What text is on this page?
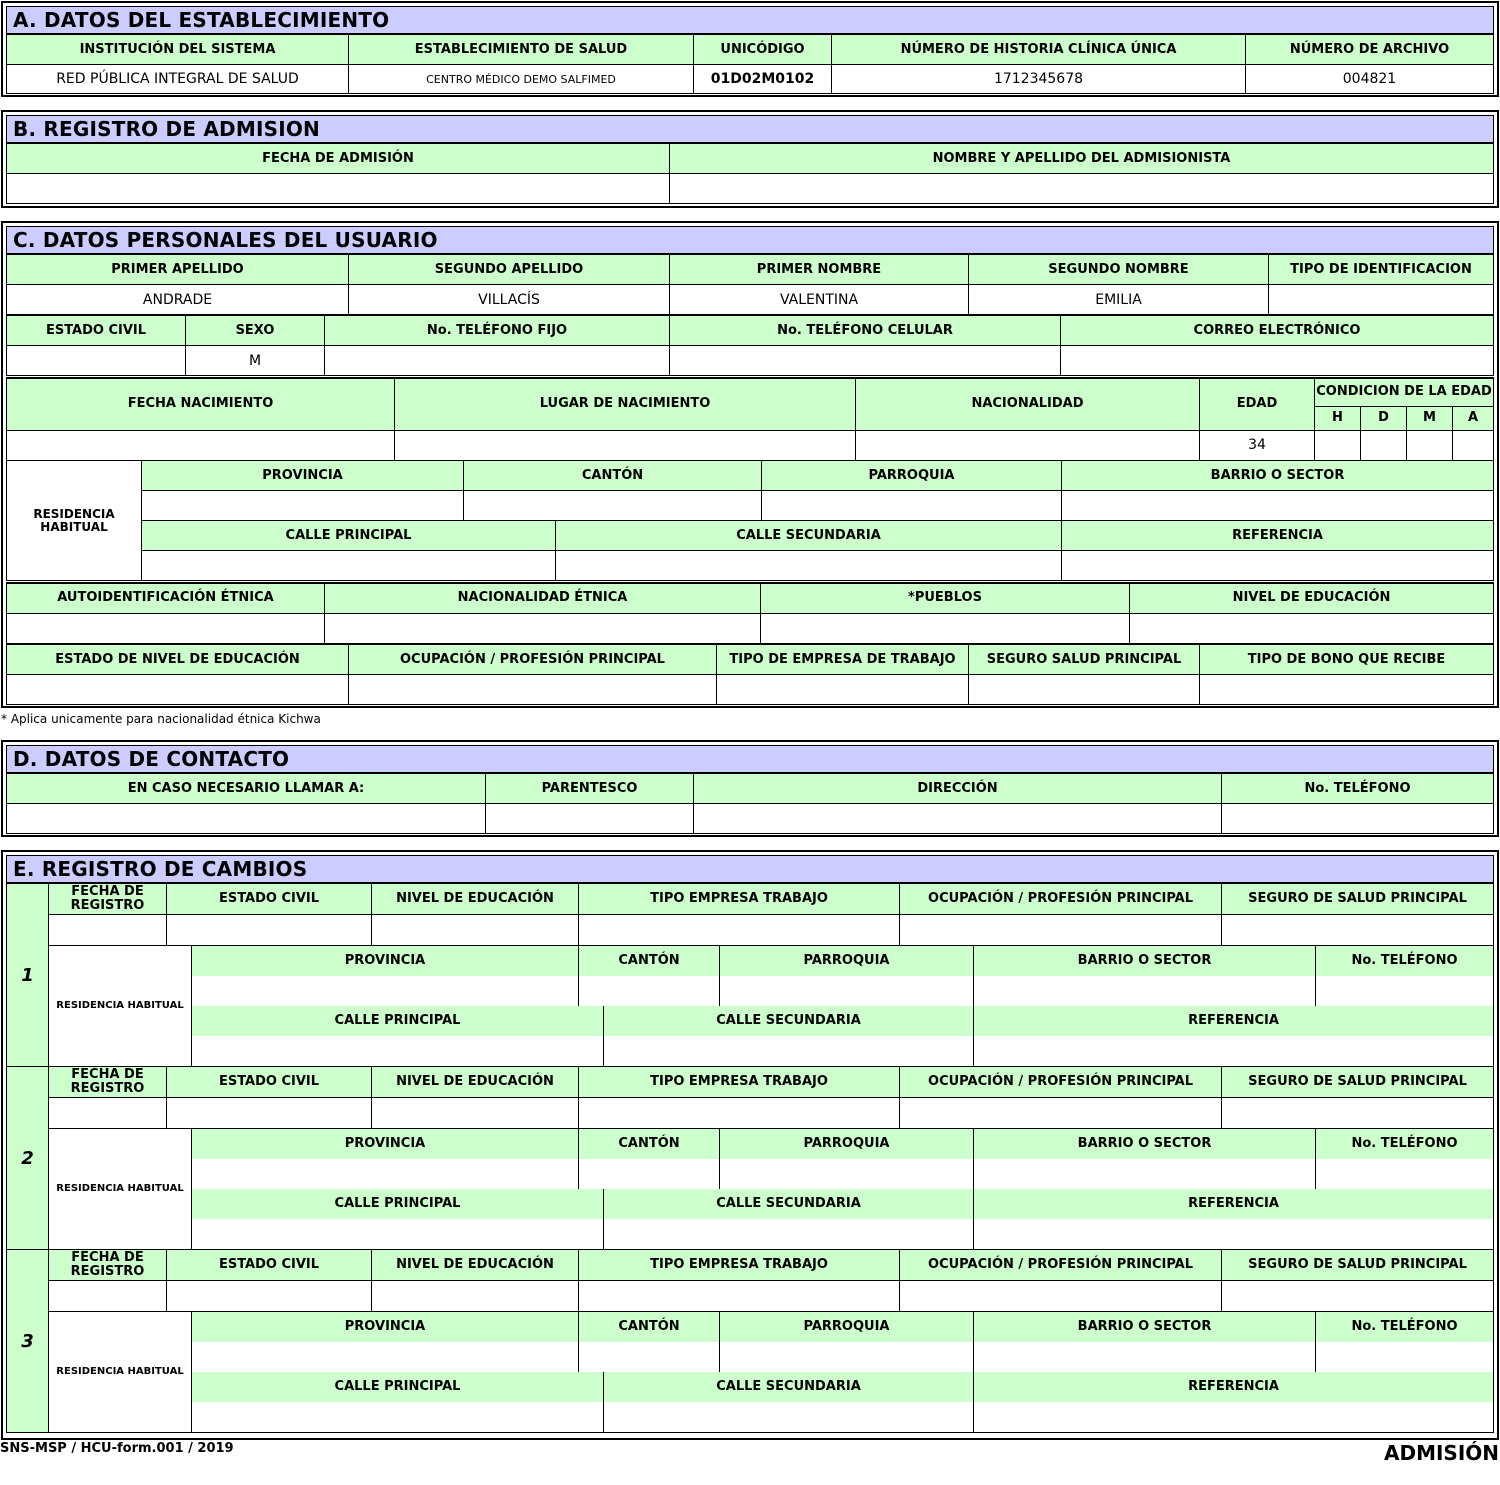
A. DATOS DEL ESTABLECIMIENTO
INSTITUCIÓN DEL SISTEMA	ESTABLECIMIENTO DE SALUD	UNICÓDIGO	NÚMERO DE HISTORIA CLÍNICA ÚNICA	NÚMERO DE ARCHIVO
RED PÚBLICA INTEGRAL DE SALUD	CENTRO MÉDICO DEMO SALFIMED	01D02M0102	1712345678	004821
B. REGISTRO DE ADMISION
FECHA DE ADMISIÓN	NOMBRE Y APELLIDO DEL ADMISIONISTA

C. DATOS PERSONALES DEL USUARIO
PRIMER APELLIDO	SEGUNDO APELLIDO	PRIMER NOMBRE	SEGUNDO NOMBRE	TIPO DE IDENTIFICACION
ANDRADE	VILLACÍS	VALENTINA	EMILIA	
ESTADO CIVIL	SEXO	No. TELÉFONO FIJO	No. TELÉFONO CELULAR	CORREO ELECTRÓNICO
	M			
FECHA NACIMIENTO	LUGAR DE NACIMIENTO	NACIONALIDAD	EDAD	CONDICION DE LA EDAD			
				H	D	M	A
			34				
RESIDENCIA HABITUAL	PROVINCIA	CANTÓN		PARROQUIA	BARRIO O SECTOR

	CALLE PRINCIPAL		CALLE SECUNDARIA		REFERENCIA

AUTOIDENTIFICACIÓN ÉTNICA	NACIONALIDAD ÉTNICA	*PUEBLOS	NIVEL DE EDUCACIÓN

ESTADO DE NIVEL DE EDUCACIÓN	OCUPACIÓN / PROFESIÓN PRINCIPAL	TIPO DE EMPRESA DE TRABAJO	SEGURO SALUD PRINCIPAL	TIPO DE BONO QUE RECIBE

* Aplica unicamente para nacionalidad étnica Kichwa
D. DATOS DE CONTACTO
EN CASO NECESARIO LLAMAR A:	PARENTESCO	DIRECCIÓN	No. TELÉFONO

E. REGISTRO DE CAMBIOS
1	FECHA DE REGISTRO	ESTADO CIVIL		NIVEL DE EDUCACIÓN	TIPO EMPRESA TRABAJO			OCUPACIÓN / PROFESIÓN PRINCIPAL		SEGURO DE SALUD PRINCIPAL	

	RESIDENCIA HABITUAL		PROVINCIA		CANTÓN		PARROQUIA		BARRIO O SECTOR		No. TELÉFONO

			CALLE PRINCIPAL			CALLE SECUNDARIA			REFERENCIA		

2	FECHA DE REGISTRO	ESTADO CIVIL		NIVEL DE EDUCACIÓN	TIPO EMPRESA TRABAJO			OCUPACIÓN / PROFESIÓN PRINCIPAL		SEGURO DE SALUD PRINCIPAL	

	RESIDENCIA HABITUAL		PROVINCIA		CANTÓN		PARROQUIA		BARRIO O SECTOR		No. TELÉFONO

			CALLE PRINCIPAL			CALLE SECUNDARIA			REFERENCIA		

3	FECHA DE REGISTRO	ESTADO CIVIL		NIVEL DE EDUCACIÓN	TIPO EMPRESA TRABAJO			OCUPACIÓN / PROFESIÓN PRINCIPAL		SEGURO DE SALUD PRINCIPAL	

	RESIDENCIA HABITUAL		PROVINCIA		CANTÓN		PARROQUIA		BARRIO O SECTOR		No. TELÉFONO

			CALLE PRINCIPAL			CALLE SECUNDARIA			REFERENCIA		

SNS-MSP / HCU-form.001 / 2019	ADMISIÓN
